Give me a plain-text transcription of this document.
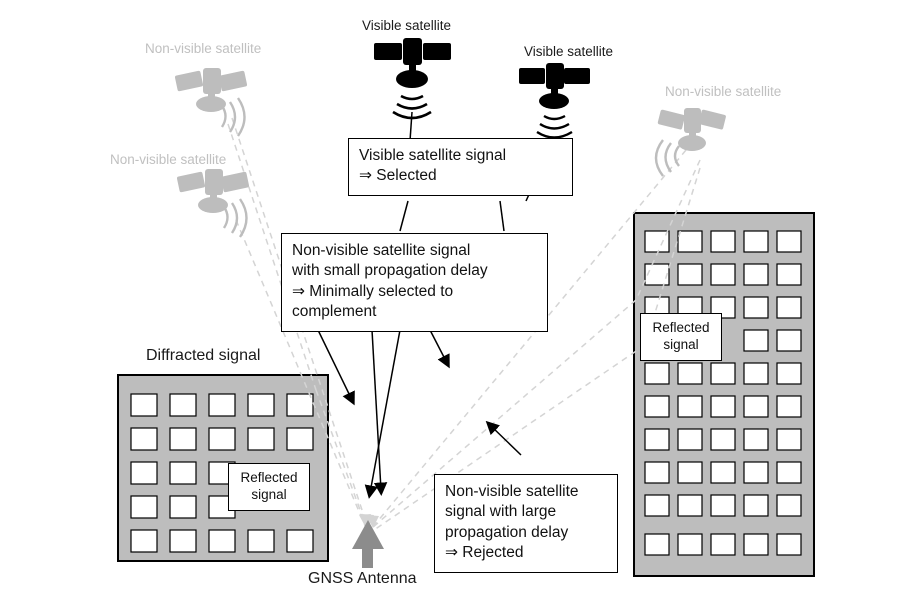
Visible satellite
Visible satellite
Non-visible satellite
Non-visible satellite
Non-visible satellite
Diffracted signal
GNSS Antenna
Visible satellite signal
⇒ Selected
Non-visible satellite signal
with small propagation delay
⇒ Minimally selected to
complement
Non-visible satellite
signal with large
propagation delay
⇒ Rejected
Reflected
signal
Reflected
signal
